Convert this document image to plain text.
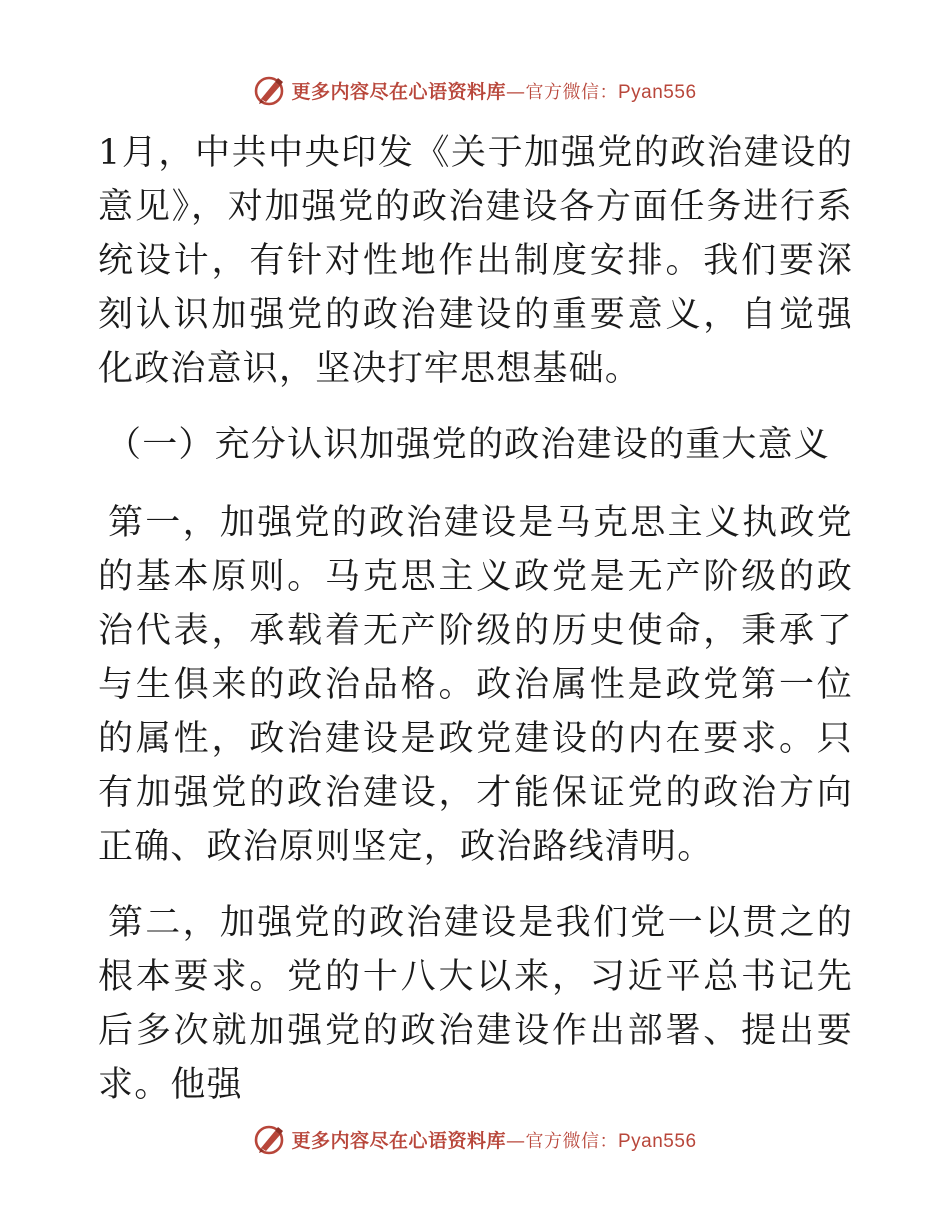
更多内容尽在心语资料库—官方微信：Pyan556

1月，中共中央印发《关于加强党的政治建设的意见》，对加强党的政治建设各方面任务进行系统设计，有针对性地作出制度安排。我们要深刻认识加强党的政治建设的重要意义，自觉强化政治意识，坚决打牢思想基础。

（一）充分认识加强党的政治建设的重大意义

第一，加强党的政治建设是马克思主义执政党的基本原则。马克思主义政党是无产阶级的政治代表，承载着无产阶级的历史使命，秉承了与生俱来的政治品格。政治属性是政党第一位的属性，政治建设是政党建设的内在要求。只有加强党的政治建设，才能保证党的政治方向正确、政治原则坚定，政治路线清明。

第二，加强党的政治建设是我们党一以贯之的根本要求。党的十八大以来，习近平总书记先后多次就加强党的政治建设作出部署、提出要求。他强

更多内容尽在心语资料库—官方微信：Pyan556
